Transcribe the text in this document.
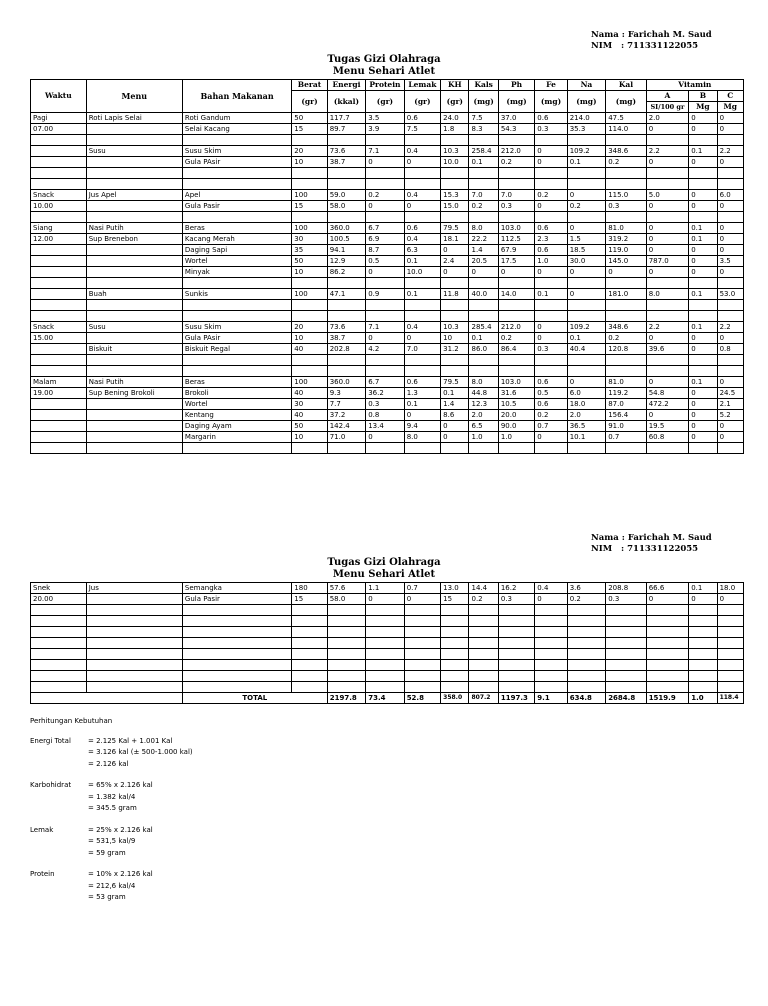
Nama : Farichah M. Saud
NIM   : 711331122055
Tugas Gizi Olahraga
Menu Sehari Atlet
Waktu	Menu	Bahan Makanan	Berat	Energi	Protein	Lemak	KH	Kals	Ph	Fe	Na	Kal	Vitamin		
			(gr)	(kkal)	(gr)	(gr)	(gr)	(mg)	(mg)	(mg)	(mg)	(mg)	A	B	C
													SI/100 gr	Mg	Mg
Pagi	Roti Lapis Selai	Roti Gandum	50	117.7	3.5	0.6	24.0	7.5	37.0	0.6	214.0	47.5	2.0	0	0
07.00		Selai Kacang	15	89.7	3.9	7.5	1.8	8.3	54.3	0.3	35.3	114.0	0	0	0

	Susu	Susu Skim	20	73.6	7.1	0.4	10.3	258.4	212.0	0	109.2	348.6	2.2	0.1	2.2
		Gula PAsir	10	38.7	0	0	10.0	0.1	0.2	0	0.1	0.2	0	0	0

Snack	Jus Apel	Apel	100	59.0	0.2	0.4	15.3	7.0	7.0	0.2	0	115.0	5.0	0	6.0
10.00		Gula Pasir	15	58.0	0	0	15.0	0.2	0.3	0	0.2	0.3	0	0	0

Siang	Nasi Putih	Beras	100	360.0	6.7	0.6	79.5	8.0	103.0	0.6	0	81.0	0	0.1	0
12.00	Sup Brenebon	Kacang Merah	30	100.5	6.9	0.4	18.1	22.2	112.5	2.3	1.5	319.2	0	0.1	0
		Daging Sapi	35	94.1	8.7	6.3	0	1.4	67.9	0.6	18.5	119.0	0	0	0
		Wortel	50	12.9	0.5	0.1	2.4	20.5	17.5	1.0	30.0	145.0	787.0	0	3.5
		Minyak	10	86.2	0	10.0	0	0	0	0	0	0	0	0	0

	Buah	Sunkis	100	47.1	0.9	0.1	11.8	40.0	14.0	0.1	0	181.0	8.0	0.1	53.0

Snack	Susu	Susu Skim	20	73.6	7.1	0.4	10.3	285.4	212.0	0	109.2	348.6	2.2	0.1	2.2
15.00		Gula PAsir	10	38.7	0	0	10	0.1	0.2	0	0.1	0.2	0	0	0
	Biskuit	Biskuit Regal	40	202.8	4.2	7.0	31.2	86.0	86.4	0.3	40.4	120.8	39.6	0	0.8

Malam	Nasi Putih	Beras	100	360.0	6.7	0.6	79.5	8.0	103.0	0.6	0	81.0	0	0.1	0
19.00	Sup Bening Brokoli	Brokoli	40	9.3	36.2	1.3	0.1	44.8	31.6	0.5	6.0	119.2	54.8	0	24.5
		Wortel	30	7.7	0.3	0.1	1.4	12.3	10.5	0.6	18.0	87.0	472.2	0	2.1
		Kentang	40	37.2	0.8	0	8.6	2.0	20.0	0.2	2.0	156.4	0	0	5.2
		Daging Ayam	50	142.4	13.4	9.4	0	6.5	90.0	0.7	36.5	91.0	19.5	0	0
		Margarin	10	71.0	0	8.0	0	1.0	1.0	0	10.1	0.7	60.8	0	0

Nama : Farichah M. Saud
NIM   : 711331122055
Tugas Gizi Olahraga
Menu Sehari Atlet
Snek	Jus	Semangka	180	57.6	1.1	0.7	13.0	14.4	16.2	0.4	3.6	208.8	66.6	0.1	18.0
20.00		Gula Pasir	15	58.0	0	0	15	0.2	0.3	0	0.2	0.3	0	0	0

		TOTAL		2197.8	73.4	52.8	358.0	807.2	1197.3	9.1	634.8	2684.8	1519.9	1.0	118.4
Perhitungan Kebutuhan
Energi Total	= 2.125 Kal + 1.001 Kal
= 3.126 kal (± 500-1.000 kal)
= 2.126 kal
Karbohidrat	= 65% x 2.126 kal
= 1.382 kal/4
= 345.5 gram
Lemak	= 25% x 2.126 kal
= 531,5 kal/9
= 59 gram
Protein	= 10% x 2.126 kal
= 212,6 kal/4
= 53 gram
